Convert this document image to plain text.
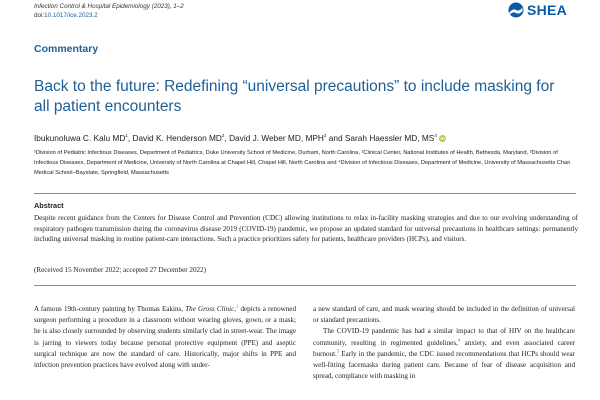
Infection Control & Hospital Epidemiology (2023), 1–2
doi:10.1017/ice.2023.2	SHEA
Commentary
Back to the future: Redefining “universal precautions” to include masking for all patient encounters
Ibukunoluwa C. Kalu $MD^1$, David K. Henderson $MD^2$, David J. Weber MD, MPH$^3$ and Sarah Haessler MD, $MS^4$ iD
¹Division of Pediatric Infectious Diseases, Department of Pediatrics, Duke University School of Medicine, Durham, North Carolina, ²Clinical Center, National Institutes of Health, Bethesda, Maryland, ³Division of Infectious Diseases, Department of Medicine, University of North Carolina at Chapel Hill, Chapel Hill, North Carolina and ⁴Division of Infectious Diseases, Department of Medicine, University of Massachusetts Chan Medical School–Baystate, Springfield, Massachusetts
Abstract
Despite recent guidance from the Centers for Disease Control and Prevention (CDC) allowing institutions to relax in-facility masking strategies and due to our evolving understanding of respiratory pathogen transmission during the coronavirus disease 2019 (COVID-19) pandemic, we propose an updated standard for universal precautions in healthcare settings: permanently including universal masking in routine patient-care interactions. Such a practice prioritizes safety for patients, healthcare providers (HCPs), and visitors.
(Received 15 November 2022; accepted 27 December 2022)
A famous 19th-century painting by Thomas Eakins, The Gross Clinic,$^1$ depicts a renowned surgeon performing a procedure in a classroom without wearing gloves, gown, or a mask; he is also closely surrounded by observing students similarly clad in street-wear. The image is jarring to viewers today because personal protective equipment (PPE) and aseptic surgical technique are now the standard of care. Historically, major shifts in PPE and infection prevention practices have evolved along with under-
a new standard of care, and mask wearing should be included in the definition of universal or standard precautions.
The COVID-19 pandemic has had a similar impact to that of HIV on the healthcare community, resulting in regimented guidelines,$^4$ anxiety, and even associated career burnout.$^5$ Early in the pandemic, the CDC issued recommendations that HCPs should wear well-fitting facemasks during patient care. Because of fear of disease acquisition and spread, compliance with masking in
